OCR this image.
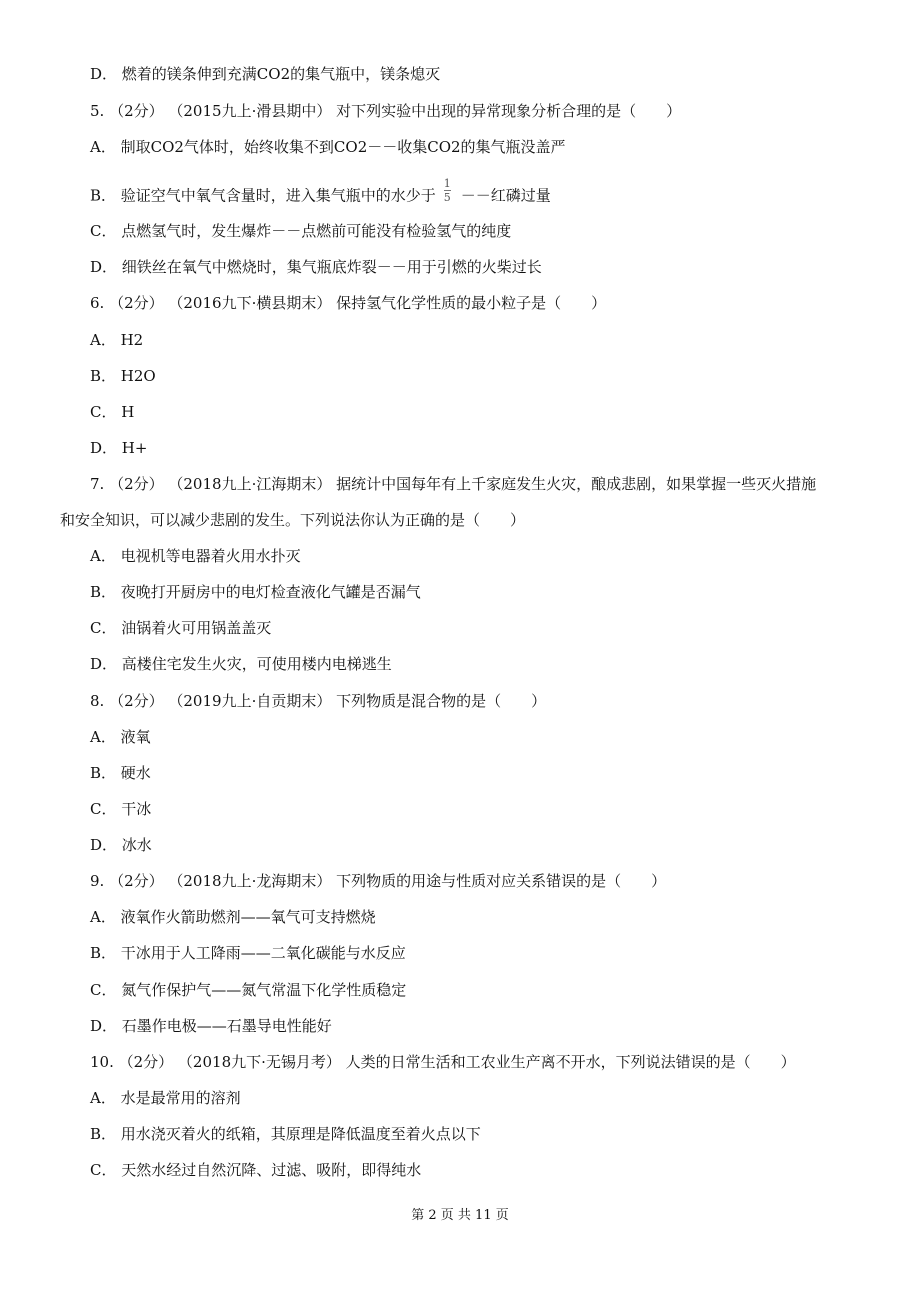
D． 燃着的镁条伸到充满CO2的集气瓶中，镁条熄灭
5. （2分） （2015九上·滑县期中） 对下列实验中出现的异常现象分析合理的是（　　）
A． 制取CO2气体时，始终收集不到CO2－－收集CO2的集气瓶没盖严
B． 验证空气中氧气含量时，进入集气瓶中的水少于 $\frac{1}{5}$ －－红磷过量
C． 点燃氢气时，发生爆炸－－点燃前可能没有检验氢气的纯度
D． 细铁丝在氧气中燃烧时，集气瓶底炸裂－－用于引燃的火柴过长
6. （2分） （2016九下·横县期末） 保持氢气化学性质的最小粒子是（　　）
A． H2
B． H2O
C． H
D． H+
7. （2分） （2018九上·江海期末） 据统计中国每年有上千家庭发生火灾，酿成悲剧，如果掌握一些灭火措施
和安全知识，可以减少悲剧的发生。下列说法你认为正确的是（　　）
A． 电视机等电器着火用水扑灭
B． 夜晚打开厨房中的电灯检查液化气罐是否漏气
C． 油锅着火可用锅盖盖灭
D． 高楼住宅发生火灾，可使用楼内电梯逃生
8. （2分） （2019九上·自贡期末） 下列物质是混合物的是（　　）
A． 液氧
B． 硬水
C． 干冰
D． 冰水
9. （2分） （2018九上·龙海期末） 下列物质的用途与性质对应关系错误的是（　　）
A． 液氧作火箭助燃剂——氧气可支持燃烧
B． 干冰用于人工降雨——二氧化碳能与水反应
C． 氮气作保护气——氮气常温下化学性质稳定
D． 石墨作电极——石墨导电性能好
10. （2分） （2018九下·无锡月考） 人类的日常生活和工农业生产离不开水，下列说法错误的是（　　）
A． 水是最常用的溶剂
B． 用水浇灭着火的纸箱，其原理是降低温度至着火点以下
C． 天然水经过自然沉降、过滤、吸附，即得纯水
第 2 页 共 11 页
